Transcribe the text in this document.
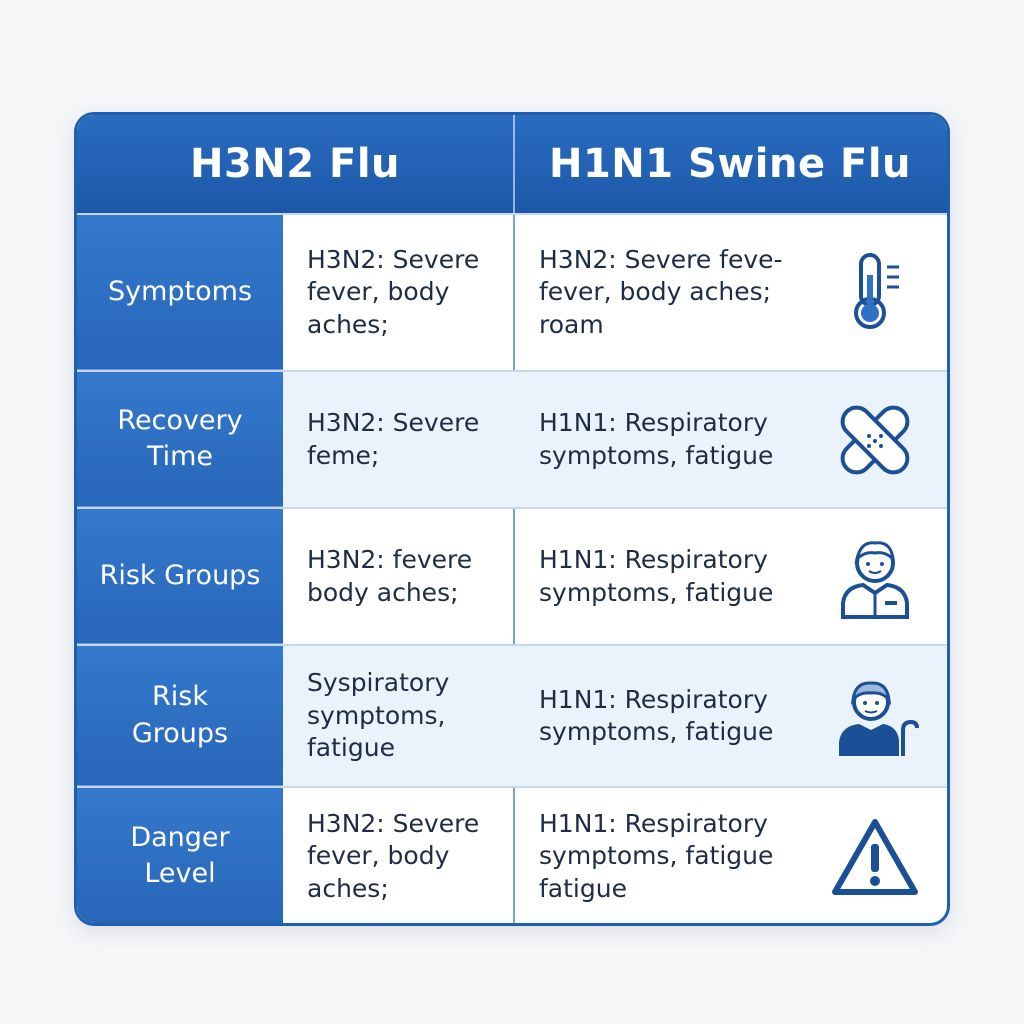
H3N2 Flu	H1N1 Swine Flu
Symptoms
H3N2: Severe
fever, body
aches;
H3N2: Severe feve-
fever, body aches;
roam
Recovery
Time
H3N2: Severe
feme;
H1N1: Respiratory
symptoms, fatigue
Risk Groups
H3N2: fevere
body aches;
H1N1: Respiratory
symptoms, fatigue
Risk
Groups
Syspiratory
symptoms,
fatigue
H1N1: Respiratory
symptoms, fatigue
Danger
Level
H3N2: Severe
fever, body
aches;
H1N1: Respiratory
symptoms, fatigue
fatigue
